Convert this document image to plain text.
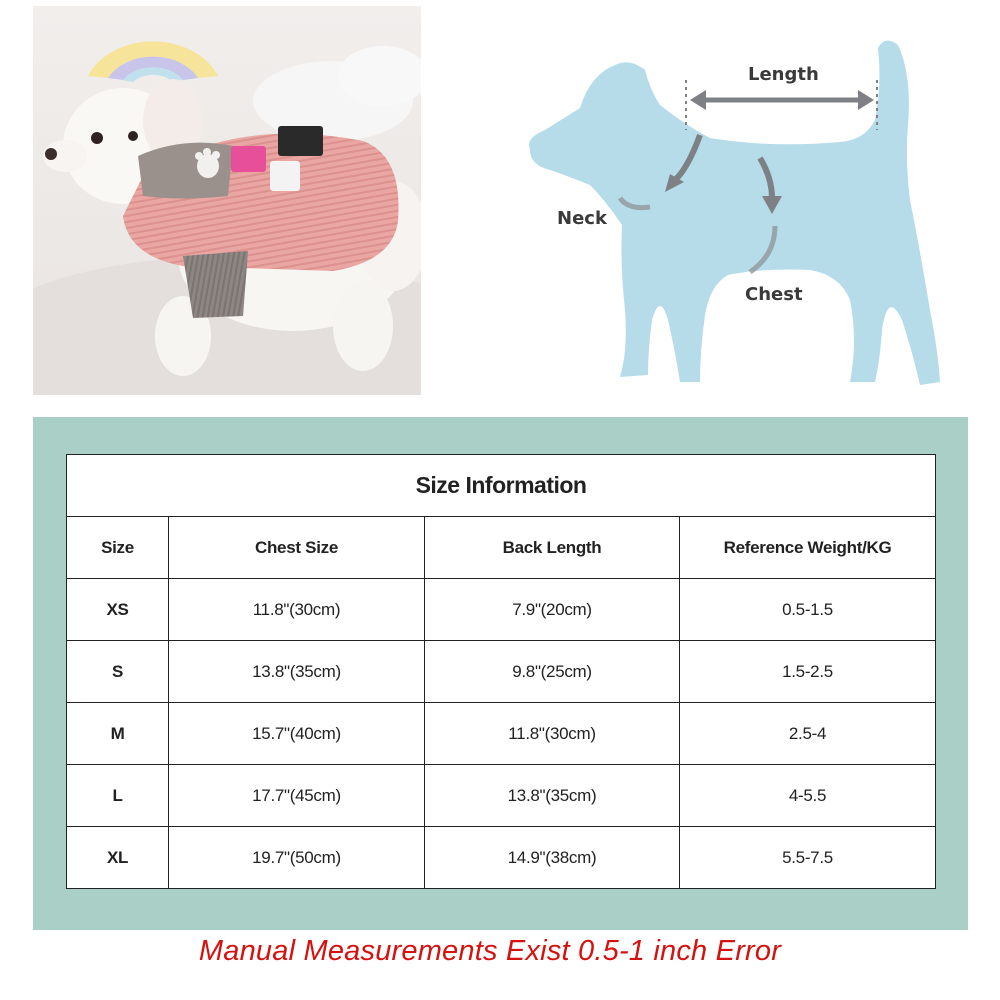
Length
Neck
Chest
Size Information			
Size	Chest Size	Back Length	Reference Weight/KG
XS	11.8"(30cm)	7.9"(20cm)	0.5-1.5
S	13.8"(35cm)	9.8"(25cm)	1.5-2.5
M	15.7"(40cm)	11.8"(30cm)	2.5-4
L	17.7"(45cm)	13.8"(35cm)	4-5.5
XL	19.7"(50cm)	14.9"(38cm)	5.5-7.5
Manual Measurements Exist 0.5-1 inch Error
